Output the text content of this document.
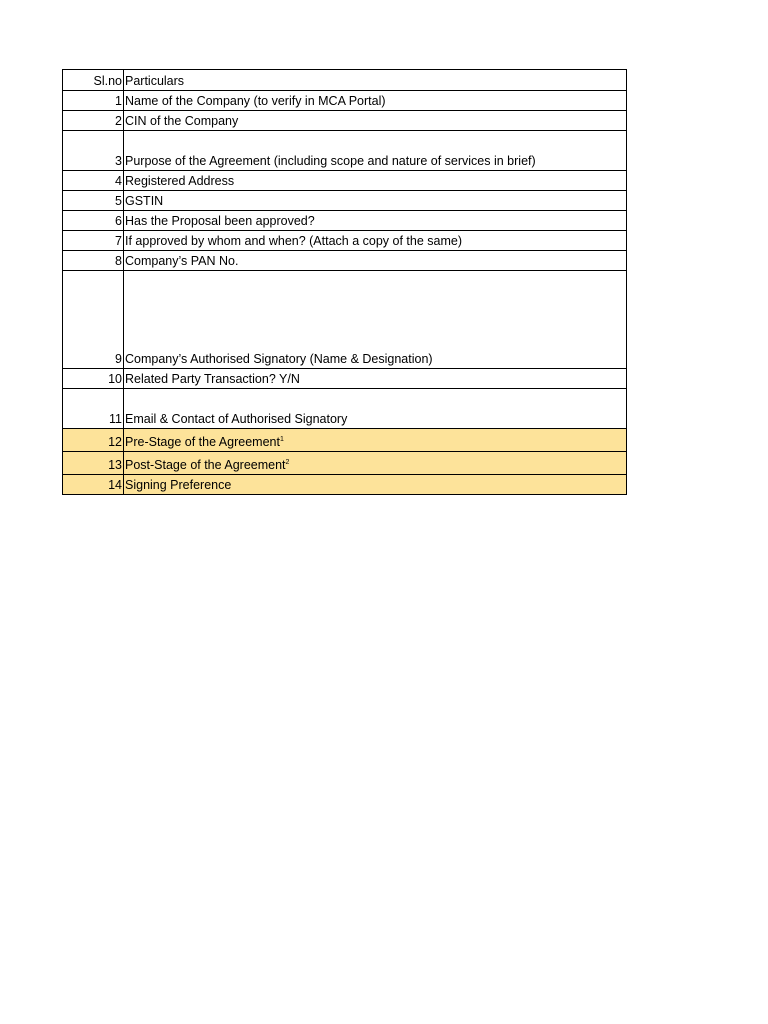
Sl.no	Particulars
1	Name of the Company (to verify in MCA Portal)
2	CIN of the Company
3	Purpose of the Agreement (including scope and nature of services in brief)
4	Registered Address
5	GSTIN
6	Has the Proposal been approved?
7	If approved by whom and when? (Attach a copy of the same)
8	Company’s PAN No.
9	Company’s Authorised Signatory (Name & Designation)
10	Related Party Transaction? Y/N
11	Email & Contact of Authorised Signatory
12	Pre-Stage of the Agreement$^1$
13	Post-Stage of the Agreement$^2$
14	Signing Preference
